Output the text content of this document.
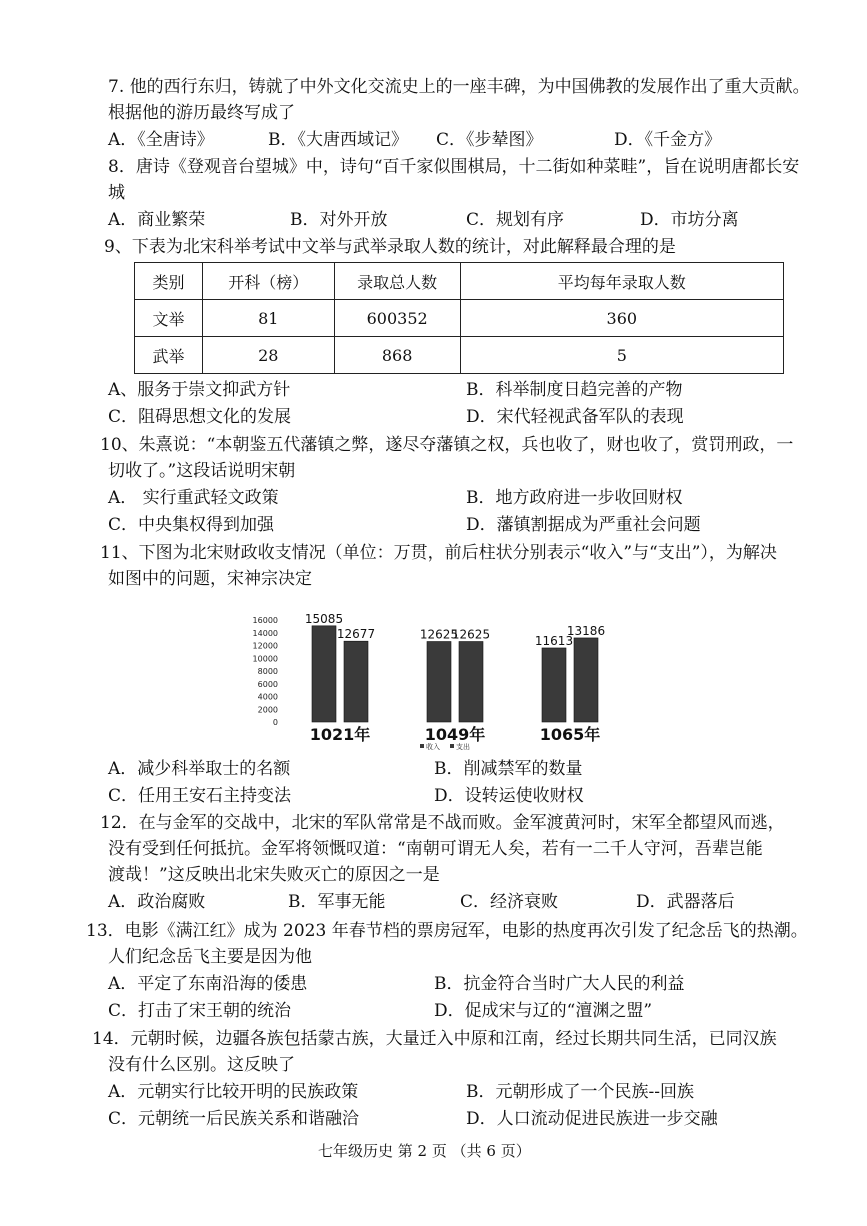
7. 他的西行东归，铸就了中外文化交流史上的一座丰碑，为中国佛教的发展作出了重大贡献。
根据他的游历最终写成了
A．《全唐诗》	B．《大唐西域记》 C．《步辇图》	D．《千金方》
8．唐诗《登观音台望城》中，诗句“百千家似围棋局，十二街如种菜畦”，旨在说明唐都长安
城
A．商业繁荣	B．对外开放	C．规划有序	D．市坊分离
9、下表为北宋科举考试中文举与武举录取人数的统计，对此解释最合理的是
类别	开科（榜）	录取总人数	平均每年录取人数
文举	81	600352	360
武举	28	868	5
A、服务于崇文抑武方针	B．科举制度日趋完善的产物
C．阻碍思想文化的发展	D．宋代轻视武备军队的表现
10、朱熹说：“本朝鉴五代藩镇之弊，遂尽夺藩镇之权，兵也收了，财也收了，赏罚刑政，一
切收了。”这段话说明宋朝
A． 实行重武轻文政策	B．地方政府进一步收回财权
C．中央集权得到加强	D．藩镇割据成为严重社会问题
11、下图为北宋财政收支情况（单位：万贯，前后柱状分别表示“收入”与“支出”），为解决
如图中的问题，宋神宗决定
0
2000
4000
6000
8000
10000
12000
14000
16000 15085
12677
1021年
12625
12625
1049年
11613
13186
1065年
收入 支出
A．减少科举取士的名额	B．削减禁军的数量
C．任用王安石主持变法	D．设转运使收财权
12．在与金军的交战中，北宋的军队常常是不战而败。金军渡黄河时，宋军全都望风而逃，
没有受到任何抵抗。金军将领慨叹道：“南朝可谓无人矣，若有一二千人守河，吾辈岂能
渡哉！”这反映出北宋失败灭亡的原因之一是
A．政治腐败	B．军事无能	C．经济衰败	D．武器落后
13．电影《满江红》成为 2023 年春节档的票房冠军，电影的热度再次引发了纪念岳飞的热潮。
人们纪念岳飞主要是因为他
A．平定了东南沿海的倭患	B．抗金符合当时广大人民的利益
C．打击了宋王朝的统治	D．促成宋与辽的“澶渊之盟”
14．元朝时候，边疆各族包括蒙古族，大量迁入中原和江南，经过长期共同生活，已同汉族
没有什么区别。这反映了
A．元朝实行比较开明的民族政策	B．元朝形成了一个民族--回族
C．元朝统一后民族关系和谐融洽	D．人口流动促进民族进一步交融
七年级历史 第 2 页 （共 6 页）
